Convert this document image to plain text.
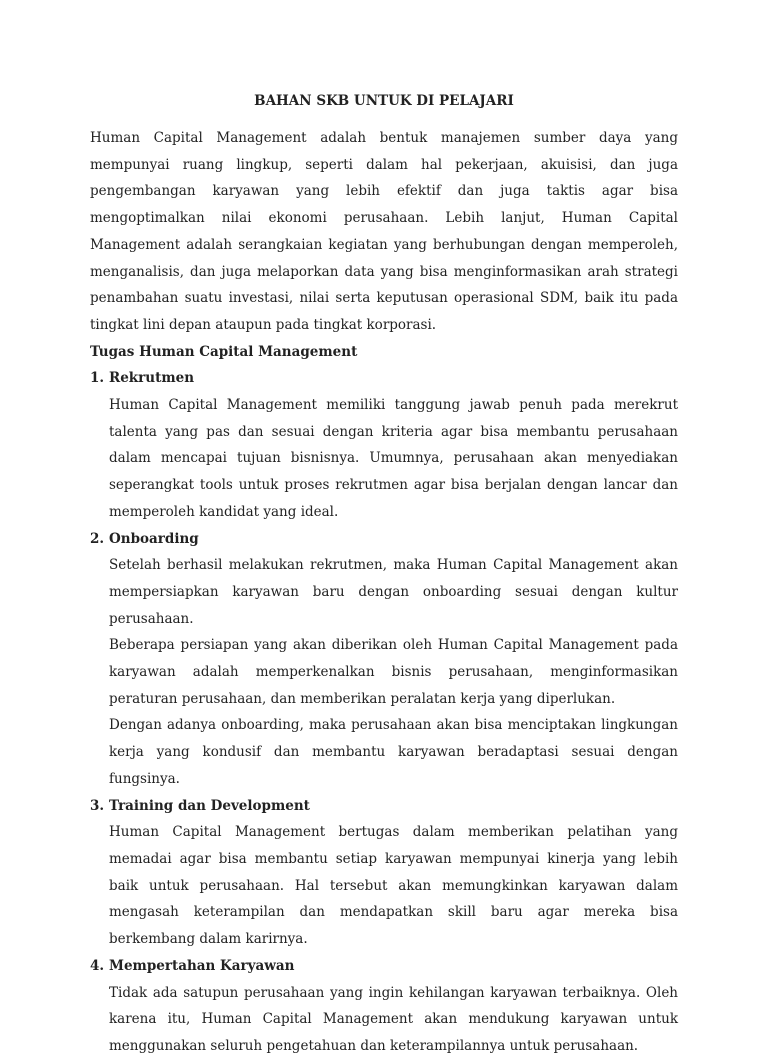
BAHAN SKB UNTUK DI PELAJARI

Human Capital Management adalah bentuk manajemen sumber daya yang mempunyai ruang lingkup, seperti dalam hal pekerjaan, akuisisi, dan juga pengembangan karyawan yang lebih efektif dan juga taktis agar bisa mengoptimalkan nilai ekonomi perusahaan. Lebih lanjut, Human Capital Management adalah serangkaian kegiatan yang berhubungan dengan memperoleh, menganalisis, dan juga melaporkan data yang bisa menginformasikan arah strategi penambahan suatu investasi, nilai serta keputusan operasional SDM, baik itu pada tingkat lini depan ataupun pada tingkat korporasi.

Tugas Human Capital Management
1. Rekrutmen

Human Capital Management memiliki tanggung jawab penuh pada merekrut talenta yang pas dan sesuai dengan kriteria agar bisa membantu perusahaan dalam mencapai tujuan bisnisnya. Umumnya, perusahaan akan menyediakan seperangkat tools untuk proses rekrutmen agar bisa berjalan dengan lancar dan memperoleh kandidat yang ideal.

2. Onboarding

Setelah berhasil melakukan rekrutmen, maka Human Capital Management akan mempersiapkan karyawan baru dengan onboarding sesuai dengan kultur perusahaan.

Beberapa persiapan yang akan diberikan oleh Human Capital Management pada karyawan adalah memperkenalkan bisnis perusahaan, menginformasikan peraturan perusahaan, dan memberikan peralatan kerja yang diperlukan.

Dengan adanya onboarding, maka perusahaan akan bisa menciptakan lingkungan kerja yang kondusif dan membantu karyawan beradaptasi sesuai dengan fungsinya.

3. Training dan Development

Human Capital Management bertugas dalam memberikan pelatihan yang memadai agar bisa membantu setiap karyawan mempunyai kinerja yang lebih baik untuk perusahaan. Hal tersebut akan memungkinkan karyawan dalam mengasah keterampilan dan mendapatkan skill baru agar mereka bisa berkembang dalam karirnya.

4. Mempertahan Karyawan

Tidak ada satupun perusahaan yang ingin kehilangan karyawan terbaiknya. Oleh karena itu, Human Capital Management akan mendukung karyawan untuk menggunakan seluruh pengetahuan dan keterampilannya untuk perusahaan.
